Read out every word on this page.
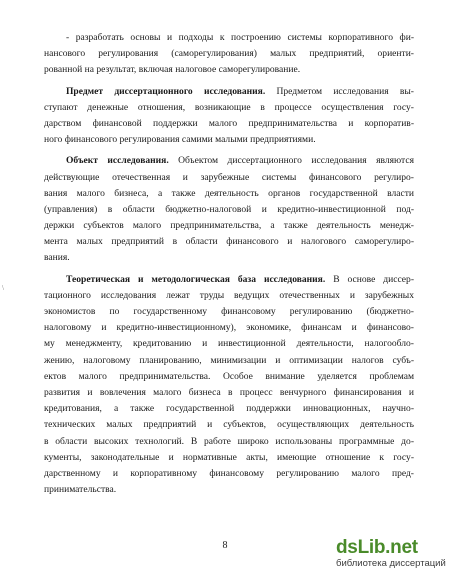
\
- разработать основы и подходы к построению системы корпоративного фи-
нансового регулирования (саморегулирования) малых предприятий, ориенти-
рованной на результат, включая налоговое саморегулирование.
Предмет диссертационного исследования. Предметом исследования вы-
ступают денежные отношения, возникающие в процессе осуществления госу-
дарством финансовой поддержки малого предпринимательства и корпоратив-
ного финансового регулирования самими малыми предприятиями.
Объект исследования. Объектом диссертационного исследования являются
действующие отечественная и зарубежные системы финансового регулиро-
вания малого бизнеса, а также деятельность органов государственной власти
(управления) в области бюджетно-налоговой и кредитно-инвестиционной под-
держки субъектов малого предпринимательства, а также деятельность менедж-
мента малых предприятий в области финансового и налогового саморегулиро-
вания.
Теоретическая и методологическая база исследования. В основе диссер-
тационного исследования лежат труды ведущих отечественных и зарубежных
экономистов по государственному финансовому регулированию (бюджетно-
налоговому и кредитно-инвестиционному), экономике, финансам и финансово-
му менеджменту, кредитованию и инвестиционной деятельности, налогообло-
жению, налоговому планированию, минимизации и оптимизации налогов субъ-
ектов малого предпринимательства. Особое внимание уделяется проблемам
развития и вовлечения малого бизнеса в процесс венчурного финансирования и
кредитования, а также государственной поддержки инновационных, научно-
технических малых предприятий и субъектов, осуществляющих деятельность
в области высоких технологий. В работе широко использованы программные до-
кументы, законодательные и нормативные акты, имеющие отношение к госу-
дарственному и корпоративному финансовому регулированию малого пред-
принимательства.
8	dsLib.net
библиотека диссертаций
